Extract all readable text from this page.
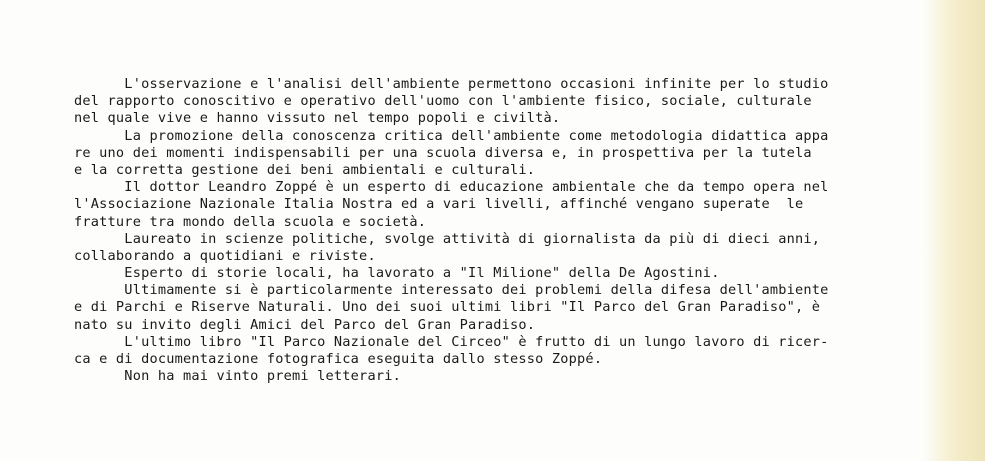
L'osservazione e l'analisi dell'ambiente permettono occasioni infinite per lo studio
del rapporto conoscitivo e operativo dell'uomo con l'ambiente fisico, sociale, culturale
nel quale vive e hanno vissuto nel tempo popoli e civiltà.
La promozione della conoscenza critica dell'ambiente come metodologia didattica appa
re uno dei momenti indispensabili per una scuola diversa e, in prospettiva per la tutela
e la corretta gestione dei beni ambientali e culturali.
Il dottor Leandro Zoppé è un esperto di educazione ambientale che da tempo opera nel
l'Associazione Nazionale Italia Nostra ed a vari livelli, affinché vengano superate  le
fratture tra mondo della scuola e società.
Laureato in scienze politiche, svolge attività di giornalista da più di dieci anni,
collaborando a quotidiani e riviste.
Esperto di storie locali, ha lavorato a "Il Milione" della De Agostini.
Ultimamente si è particolarmente interessato dei problemi della difesa dell'ambiente
e di Parchi e Riserve Naturali. Uno dei suoi ultimi libri "Il Parco del Gran Paradiso", è
nato su invito degli Amici del Parco del Gran Paradiso.
L'ultimo libro "Il Parco Nazionale del Circeo" è frutto di un lungo lavoro di ricer-
ca e di documentazione fotografica eseguita dallo stesso Zoppé.
Non ha mai vinto premi letterari.
